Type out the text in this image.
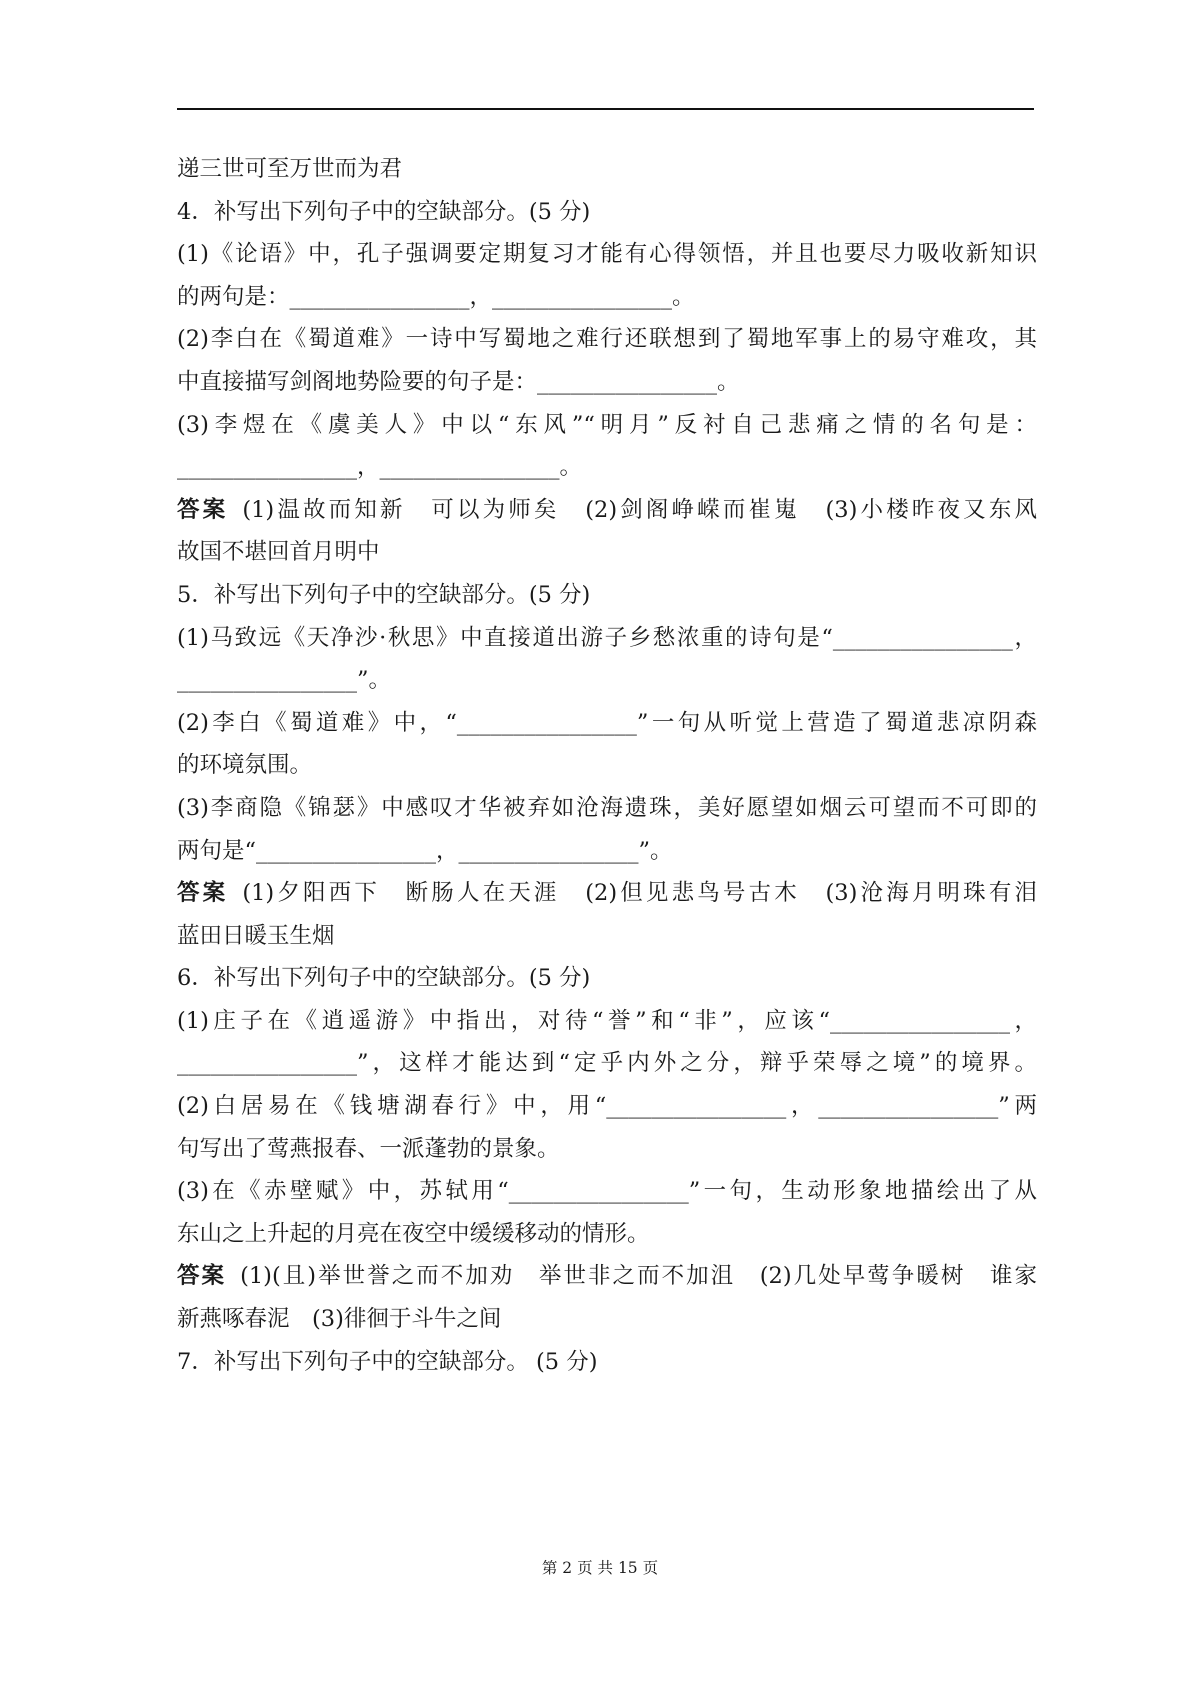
递三世可至万世而为君
4．补写出下列句子中的空缺部分。(5 分)
(1)《论语》中，孔子强调要定期复习才能有心得领悟，并且也要尽力吸收新知识
的两句是：________________，________________。
(2)李白在《蜀道难》一诗中写蜀地之难行还联想到了蜀地军事上的易守难攻，其
中直接描写剑阁地势险要的句子是：________________。
(3)李煜在《虞美人》中以“东风”“明月”反衬自己悲痛之情的名句是：
________________，________________。
答案 (1)温故而知新　可以为师矣　(2)剑阁峥嵘而崔嵬　(3)小楼昨夜又东风
故国不堪回首月明中
5．补写出下列句子中的空缺部分。(5 分)
(1)马致远《天净沙·秋思》中直接道出游子乡愁浓重的诗句是“________________，
________________”。
(2)李白《蜀道难》中，“________________”一句从听觉上营造了蜀道悲凉阴森
的环境氛围。
(3)李商隐《锦瑟》中感叹才华被弃如沧海遗珠，美好愿望如烟云可望而不可即的
两句是“________________，________________”。
答案 (1)夕阳西下　断肠人在天涯　(2)但见悲鸟号古木　(3)沧海月明珠有泪
蓝田日暖玉生烟
6．补写出下列句子中的空缺部分。(5 分)
(1)庄子在《逍遥游》中指出，对待“誉”和“非”，应该“________________，
________________”，这样才能达到“定乎内外之分，辩乎荣辱之境”的境界。
(2)白居易在《钱塘湖春行》中，用“________________，________________”两
句写出了莺燕报春、一派蓬勃的景象。
(3)在《赤壁赋》中，苏轼用“________________”一句，生动形象地描绘出了从
东山之上升起的月亮在夜空中缓缓移动的情形。
答案 (1)(且)举世誉之而不加劝　举世非之而不加沮　(2)几处早莺争暖树　谁家
新燕啄春泥　(3)徘徊于斗牛之间
7．补写出下列句子中的空缺部分。 (5 分)
第 2 页 共 15 页
